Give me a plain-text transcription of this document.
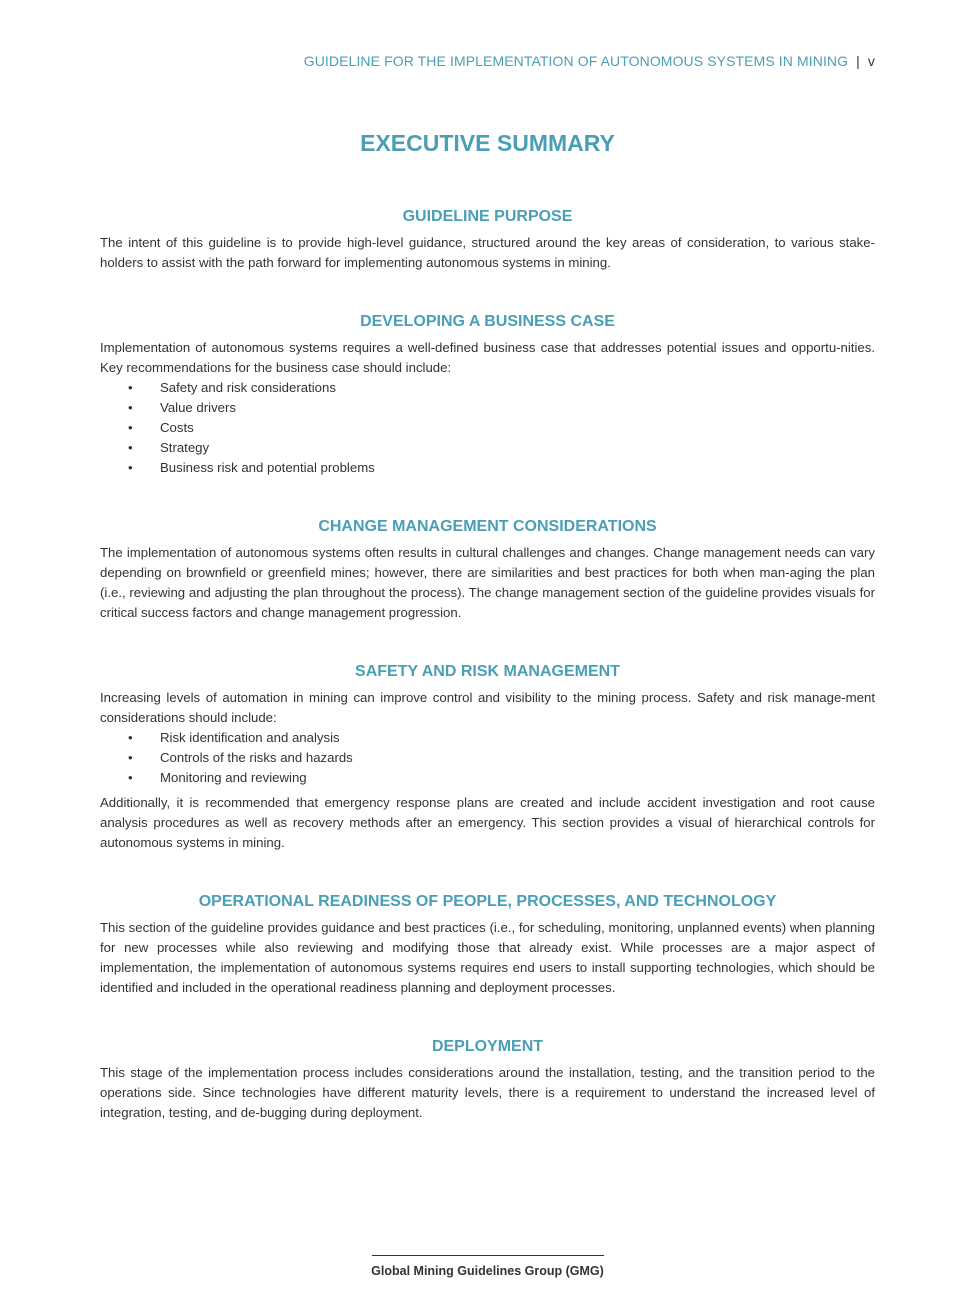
GUIDELINE FOR THE IMPLEMENTATION OF AUTONOMOUS SYSTEMS IN MINING | v
EXECUTIVE SUMMARY
GUIDELINE PURPOSE

The intent of this guideline is to provide high-level guidance, structured around the key areas of consideration, to various stake-holders to assist with the path forward for implementing autonomous systems in mining.

DEVELOPING A BUSINESS CASE

Implementation of autonomous systems requires a well-defined business case that addresses potential issues and opportu-nities. Key recommendations for the business case should include:

• Safety and risk considerations
• Value drivers
• Costs
• Strategy
• Business risk and potential problems
CHANGE MANAGEMENT CONSIDERATIONS

The implementation of autonomous systems often results in cultural challenges and changes. Change management needs can vary depending on brownfield or greenfield mines; however, there are similarities and best practices for both when man-aging the plan (i.e., reviewing and adjusting the plan throughout the process). The change management section of the guideline provides visuals for critical success factors and change management progression.

SAFETY AND RISK MANAGEMENT

Increasing levels of automation in mining can improve control and visibility to the mining process. Safety and risk manage-ment considerations should include:

• Risk identification and analysis
• Controls of the risks and hazards
• Monitoring and reviewing

Additionally, it is recommended that emergency response plans are created and include accident investigation and root cause analysis procedures as well as recovery methods after an emergency. This section provides a visual of hierarchical controls for autonomous systems in mining.

OPERATIONAL READINESS OF PEOPLE, PROCESSES, AND TECHNOLOGY

This section of the guideline provides guidance and best practices (i.e., for scheduling, monitoring, unplanned events) when planning for new processes while also reviewing and modifying those that already exist. While processes are a major aspect of implementation, the implementation of autonomous systems requires end users to install supporting technologies, which should be identified and included in the operational readiness planning and deployment processes.

DEPLOYMENT

This stage of the implementation process includes considerations around the installation, testing, and the transition period to the operations side. Since technologies have different maturity levels, there is a requirement to understand the increased level of integration, testing, and de-bugging during deployment.

Global Mining Guidelines Group (GMG)
